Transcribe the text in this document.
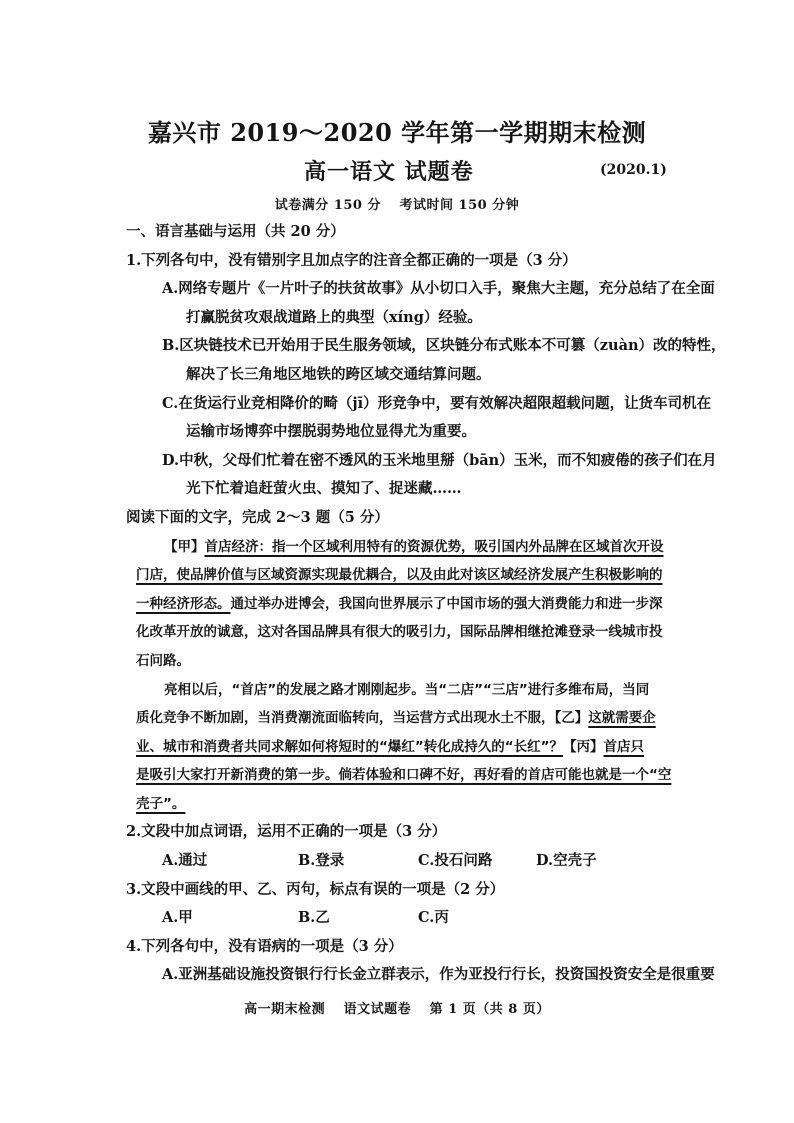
嘉兴市 2019～2020 学年第一学期期末检测
高一语文 试题卷	(2020.1)
试卷满分 150 分　 考试时间 150 分钟
一、语言基础与运用（共 20 分）
1.下列各句中，没有错别字且加点字的注音全都正确的一项是（3 分）
A.网络专题片《一片叶子的扶贫故事》从小切口入手，聚焦大主题，充分总结了在全面
打赢脱贫攻艰战道路上的典型（xíng）经验。
B.区块链技术已开始用于民生服务领域，区块链分布式账本不可篡（zuàn）改的特性，
解决了长三角地区地铁的跨区域交通结算问题。
C.在货运行业竞相降价的畸（jī）形竞争中，要有效解决超限超载问题，让货车司机在
运输市场博弈中摆脱弱势地位显得尤为重要。
D.中秋，父母们忙着在密不透风的玉米地里掰（bān）玉米，而不知疲倦的孩子们在月
光下忙着追赶萤火虫、摸知了、捉迷藏……
阅读下面的文字，完成 2～3 题（5 分）
【甲】首店经济：指一个区域利用特有的资源优势，吸引国内外品牌在区域首次开设
门店，使品牌价值与区域资源实现最优耦合，以及由此对该区域经济发展产生积极影响的
一种经济形态。通过举办进博会，我国向世界展示了中国市场的强大消费能力和进一步深
化改革开放的诚意，这对各国品牌具有很大的吸引力，国际品牌相继抢滩登录一线城市投
石问路。
亮相以后，“首店”的发展之路才刚刚起步。当“二店”“三店”进行多维布局，当同
质化竞争不断加剧，当消费潮流面临转向，当运营方式出现水土不服，【乙】这就需要企
业、城市和消费者共同求解如何将短时的“爆红”转化成持久的“长红”？【丙】首店只
是吸引大家打开新消费的第一步。倘若体验和口碑不好，再好看的首店可能也就是一个“空
壳子”。
2.文段中加点词语，运用不正确的一项是（3 分）
A.通过	B.登录	C.投石问路	D.空壳子
3.文段中画线的甲、乙、丙句，标点有误的一项是（2 分）
A.甲	B.乙	C.丙
4.下列各句中，没有语病的一项是（3 分）
A.亚洲基础设施投资银行行长金立群表示，作为亚投行行长，投资国投资安全是很重要
高一期末检测　 语文试题卷　 第 1 页（共 8 页）
